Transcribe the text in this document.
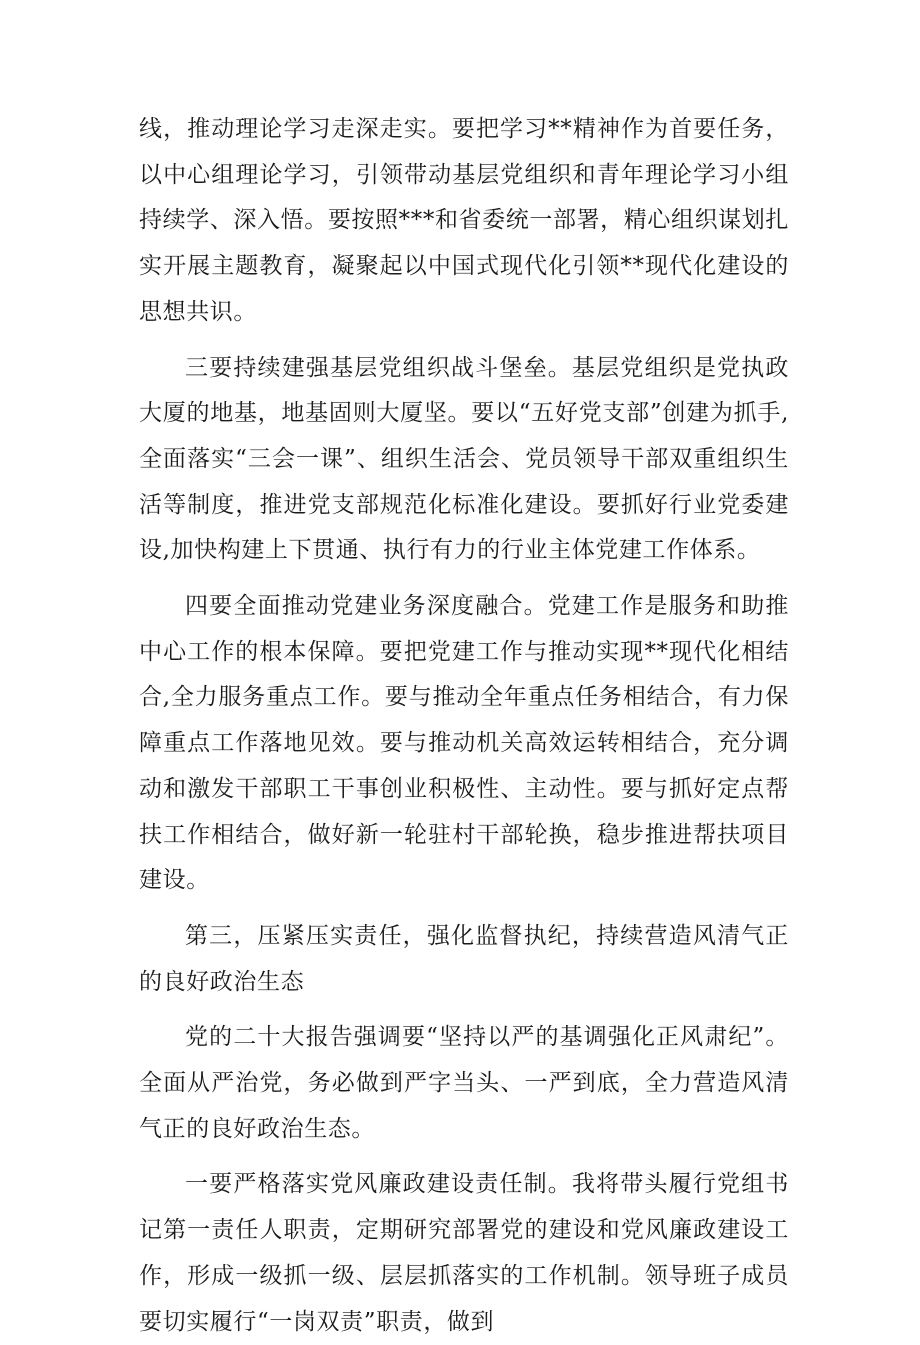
线，推动理论学习走深走实。要把学习**精神作为首要任务，以中心组理论学习，引领带动基层党组织和青年理论学习小组持续学、深入悟。要按照***和省委统一部署，精心组织谋划扎实开展主题教育，凝聚起以中国式现代化引领**现代化建设的思想共识。

三要持续建强基层党组织战斗堡垒。基层党组织是党执政大厦的地基，地基固则大厦坚。要以“五好党支部”创建为抓手,全面落实“三会一课”、组织生活会、党员领导干部双重组织生活等制度，推进党支部规范化标准化建设。要抓好行业党委建设,加快构建上下贯通、执行有力的行业主体党建工作体系。

四要全面推动党建业务深度融合。党建工作是服务和助推中心工作的根本保障。要把党建工作与推动实现**现代化相结合,全力服务重点工作。要与推动全年重点任务相结合，有力保障重点工作落地见效。要与推动机关高效运转相结合，充分调动和激发干部职工干事创业积极性、主动性。要与抓好定点帮扶工作相结合，做好新一轮驻村干部轮换，稳步推进帮扶项目建设。

第三，压紧压实责任，强化监督执纪，持续营造风清气正的良好政治生态

党的二十大报告强调要“坚持以严的基调强化正风肃纪”。全面从严治党，务必做到严字当头、一严到底，全力营造风清气正的良好政治生态。

一要严格落实党风廉政建设责任制。我将带头履行党组书记第一责任人职责，定期研究部署党的建设和党风廉政建设工作，形成一级抓一级、层层抓落实的工作机制。领导班子成员要切实履行“一岗双责”职责，做到
